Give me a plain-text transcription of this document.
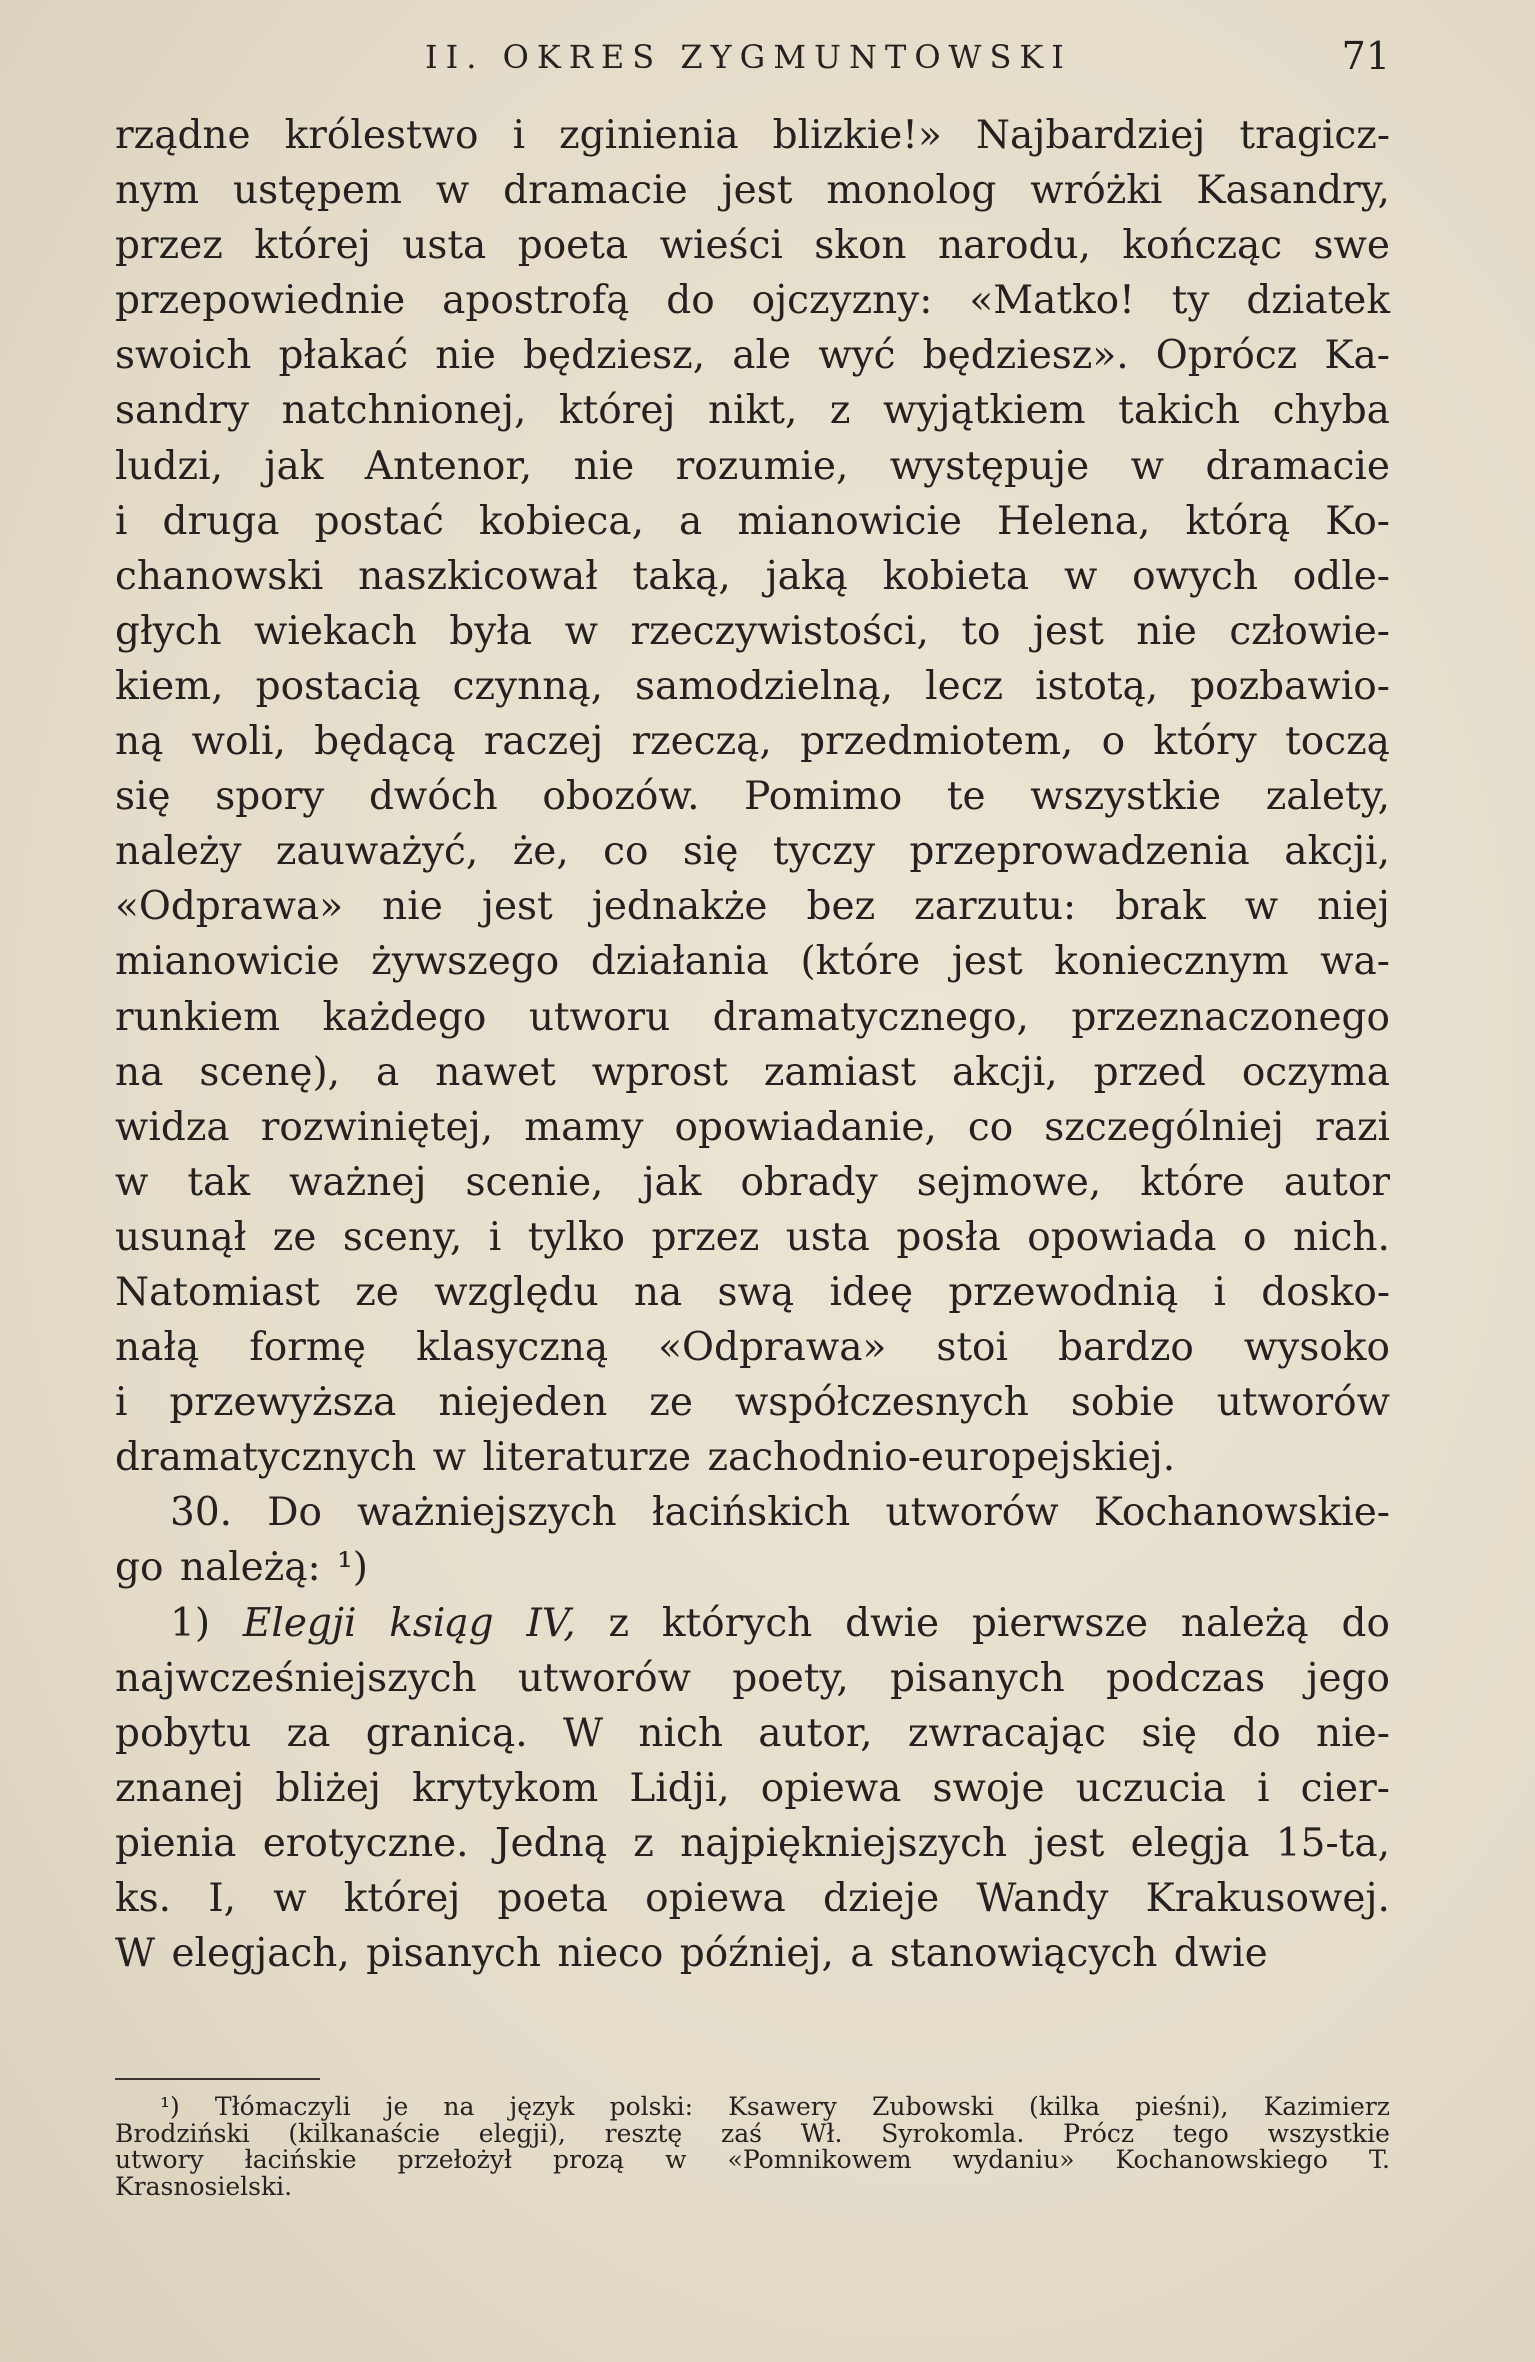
II. OKRES ZYGMUNTOWSKI	71
rządne królestwo i zginienia blizkie!» Najbardziej tragicz-
nym ustępem w dramacie jest monolog wróżki Kasandry,
przez której usta poeta wieści skon narodu, kończąc swe
przepowiednie apostrofą do ojczyzny: «Matko! ty dziatek
swoich płakać nie będziesz, ale wyć będziesz». Oprócz Ka-
sandry natchnionej, której nikt, z wyjątkiem takich chyba
ludzi, jak Antenor, nie rozumie, występuje w dramacie
i druga postać kobieca, a mianowicie Helena, którą Ko-
chanowski naszkicował taką, jaką kobieta w owych odle-
głych wiekach była w rzeczywistości, to jest nie człowie-
kiem, postacią czynną, samodzielną, lecz istotą, pozbawio-
ną woli, będącą raczej rzeczą, przedmiotem, o który toczą
się spory dwóch obozów. Pomimo te wszystkie zalety,
należy zauważyć, że, co się tyczy przeprowadzenia akcji,
«Odprawa» nie jest jednakże bez zarzutu: brak w niej
mianowicie żywszego działania (które jest koniecznym wa-
runkiem każdego utworu dramatycznego, przeznaczonego
na scenę), a nawet wprost zamiast akcji, przed oczyma
widza rozwiniętej, mamy opowiadanie, co szczególniej razi
w tak ważnej scenie, jak obrady sejmowe, które autor
usunął ze sceny, i tylko przez usta posła opowiada o nich.
Natomiast ze względu na swą ideę przewodnią i dosko-
nałą formę klasyczną «Odprawa» stoi bardzo wysoko
i przewyższa niejeden ze współczesnych sobie utworów
dramatycznych w literaturze zachodnio-europejskiej.
30. Do ważniejszych łacińskich utworów Kochanowskie-
go należą: ¹)
1) Elegji ksiąg IV, z których dwie pierwsze należą do
najwcześniejszych utworów poety, pisanych podczas jego
pobytu za granicą. W nich autor, zwracając się do nie-
znanej bliżej krytykom Lidji, opiewa swoje uczucia i cier-
pienia erotyczne. Jedną z najpiękniejszych jest elegja 15-ta,
ks. I, w której poeta opiewa dzieje Wandy Krakusowej.
W elegjach, pisanych nieco później, a stanowiących dwie
¹) Tłómaczyli je na język polski: Ksawery Zubowski (kilka pieśni), Kazimierz
Brodziński (kilkanaście elegji), resztę zaś Wł. Syrokomla. Prócz tego wszystkie
utwory łacińskie przełożył prozą w «Pomnikowem wydaniu» Kochanowskiego T.
Krasnosielski.
